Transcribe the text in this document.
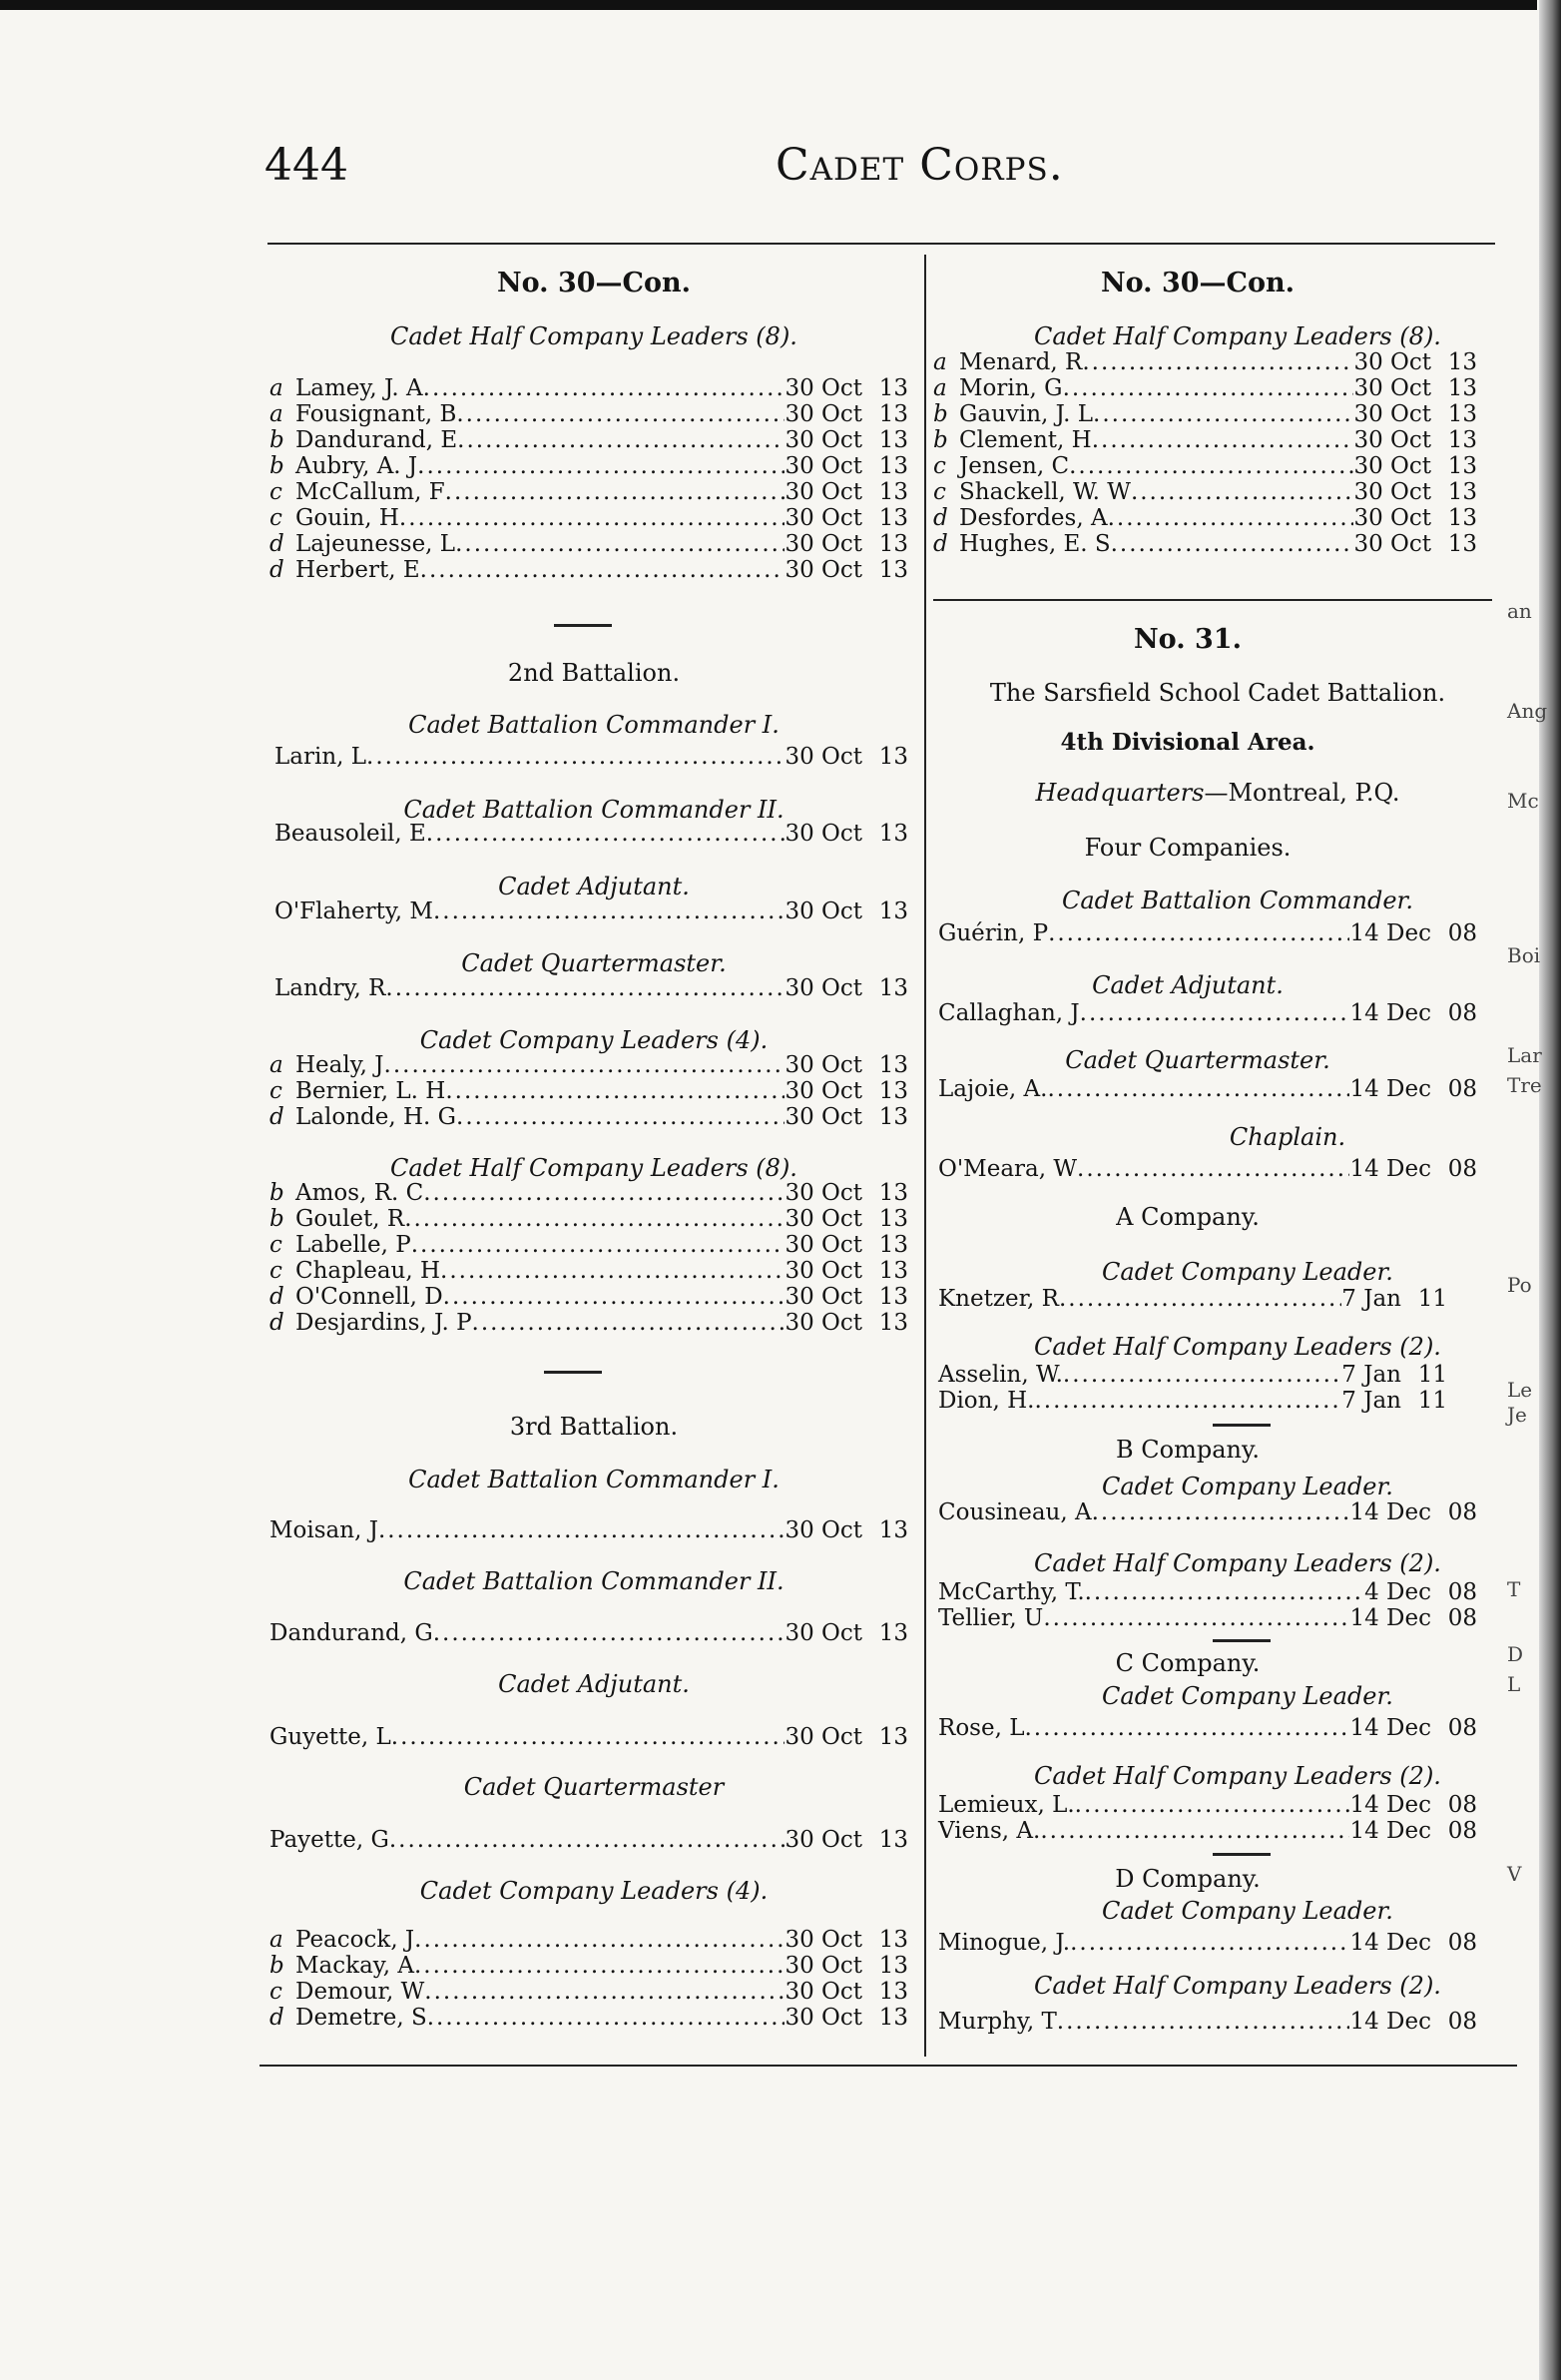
444	Cadet Corps.
No. 30—Con.
Cadet Half Company Leaders (8).
a Lamey, J. A .....	30 Oct 13
a Fousignant, B .....	30 Oct 13
b Dandurand, E .....	30 Oct 13
b Aubry, A. J .....	30 Oct 13
c McCallum, F .....	30 Oct 13
c Gouin, H .....	30 Oct 13
d Lajeunesse, L .....	30 Oct 13
d Herbert, E .....	30 Oct 13
2nd Battalion.
Cadet Battalion Commander I.
Larin, L .....	30 Oct 13
Cadet Battalion Commander II.
Beausoleil, E .....	30 Oct 13
Cadet Adjutant.
O'Flaherty, M .....	30 Oct 13
Cadet Quartermaster.
Landry, R .....	30 Oct 13
Cadet Company Leaders (4).
a Healy, J .....	30 Oct 13
c Bernier, L. H .....	30 Oct 13
d Lalonde, H. G .....	30 Oct 13
Cadet Half Company Leaders (8).
b Amos, R. C .....	30 Oct 13
b Goulet, R .....	30 Oct 13
c Labelle, P .....	30 Oct 13
c Chapleau, H .....	30 Oct 13
d O'Connell, D .....	30 Oct 13
d Desjardins, J. P .....	30 Oct 13
3rd Battalion.
Cadet Battalion Commander I.
Moisan, J .....	30 Oct 13
Cadet Battalion Commander II.
Dandurand, G .....	30 Oct 13
Cadet Adjutant.
Guyette, L .....	30 Oct 13
Cadet Quartermaster
Payette, G .....	30 Oct 13
Cadet Company Leaders (4).
a Peacock, J .....	30 Oct 13
b Mackay, A .....	30 Oct 13
c Demour, W .....	30 Oct 13
d Demetre, S .....	30 Oct 13
No. 30—Con.
Cadet Half Company Leaders (8).
a Menard, R .....	30 Oct 13
a Morin, G .....	30 Oct 13
b Gauvin, J. L .....	30 Oct 13
b Clement, H .....	30 Oct 13
c Jensen, C .....	30 Oct 13
c Shackell, W. W .....	30 Oct 13
d Desfordes, A .....	30 Oct 13
d Hughes, E. S .....	30 Oct 13
No. 31.
The Sarsfield School Cadet Battalion.
4th Divisional Area.
Headquarters—Montreal, P.Q.
Four Companies.
Cadet Battalion Commander.
Guérin, P .....	14 Dec 08
Cadet Adjutant.
Callaghan, J .....	14 Dec 08
Cadet Quartermaster.
Lajoie, A. .....	14 Dec 08
Chaplain.
O'Meara, W .....	14 Dec 08
A Company.
Cadet Company Leader.
Knetzer, R .....	7 Jan 11
Cadet Half Company Leaders (2).
Asselin, W. .....	7 Jan 11
Dion, H. .....	7 Jan 11
B Company.
Cadet Company Leader.
Cousineau, A .....	14 Dec 08
Cadet Half Company Leaders (2).
McCarthy, T. .....	4 Dec 08
Tellier, U .....	14 Dec 08
C Company.
Cadet Company Leader.
Rose, L .....	14 Dec 08
Cadet Half Company Leaders (2).
Lemieux, L. .....	14 Dec 08
Viens, A. .....	14 Dec 08
D Company.
Cadet Company Leader.
Minogue, J. .....	14 Dec 08
Cadet Half Company Leaders (2).
Murphy, T .....	14 Dec 08
an
Ang
Mc
Boi
Lar
Tre
Po
Le
Je
T
D
L
V
